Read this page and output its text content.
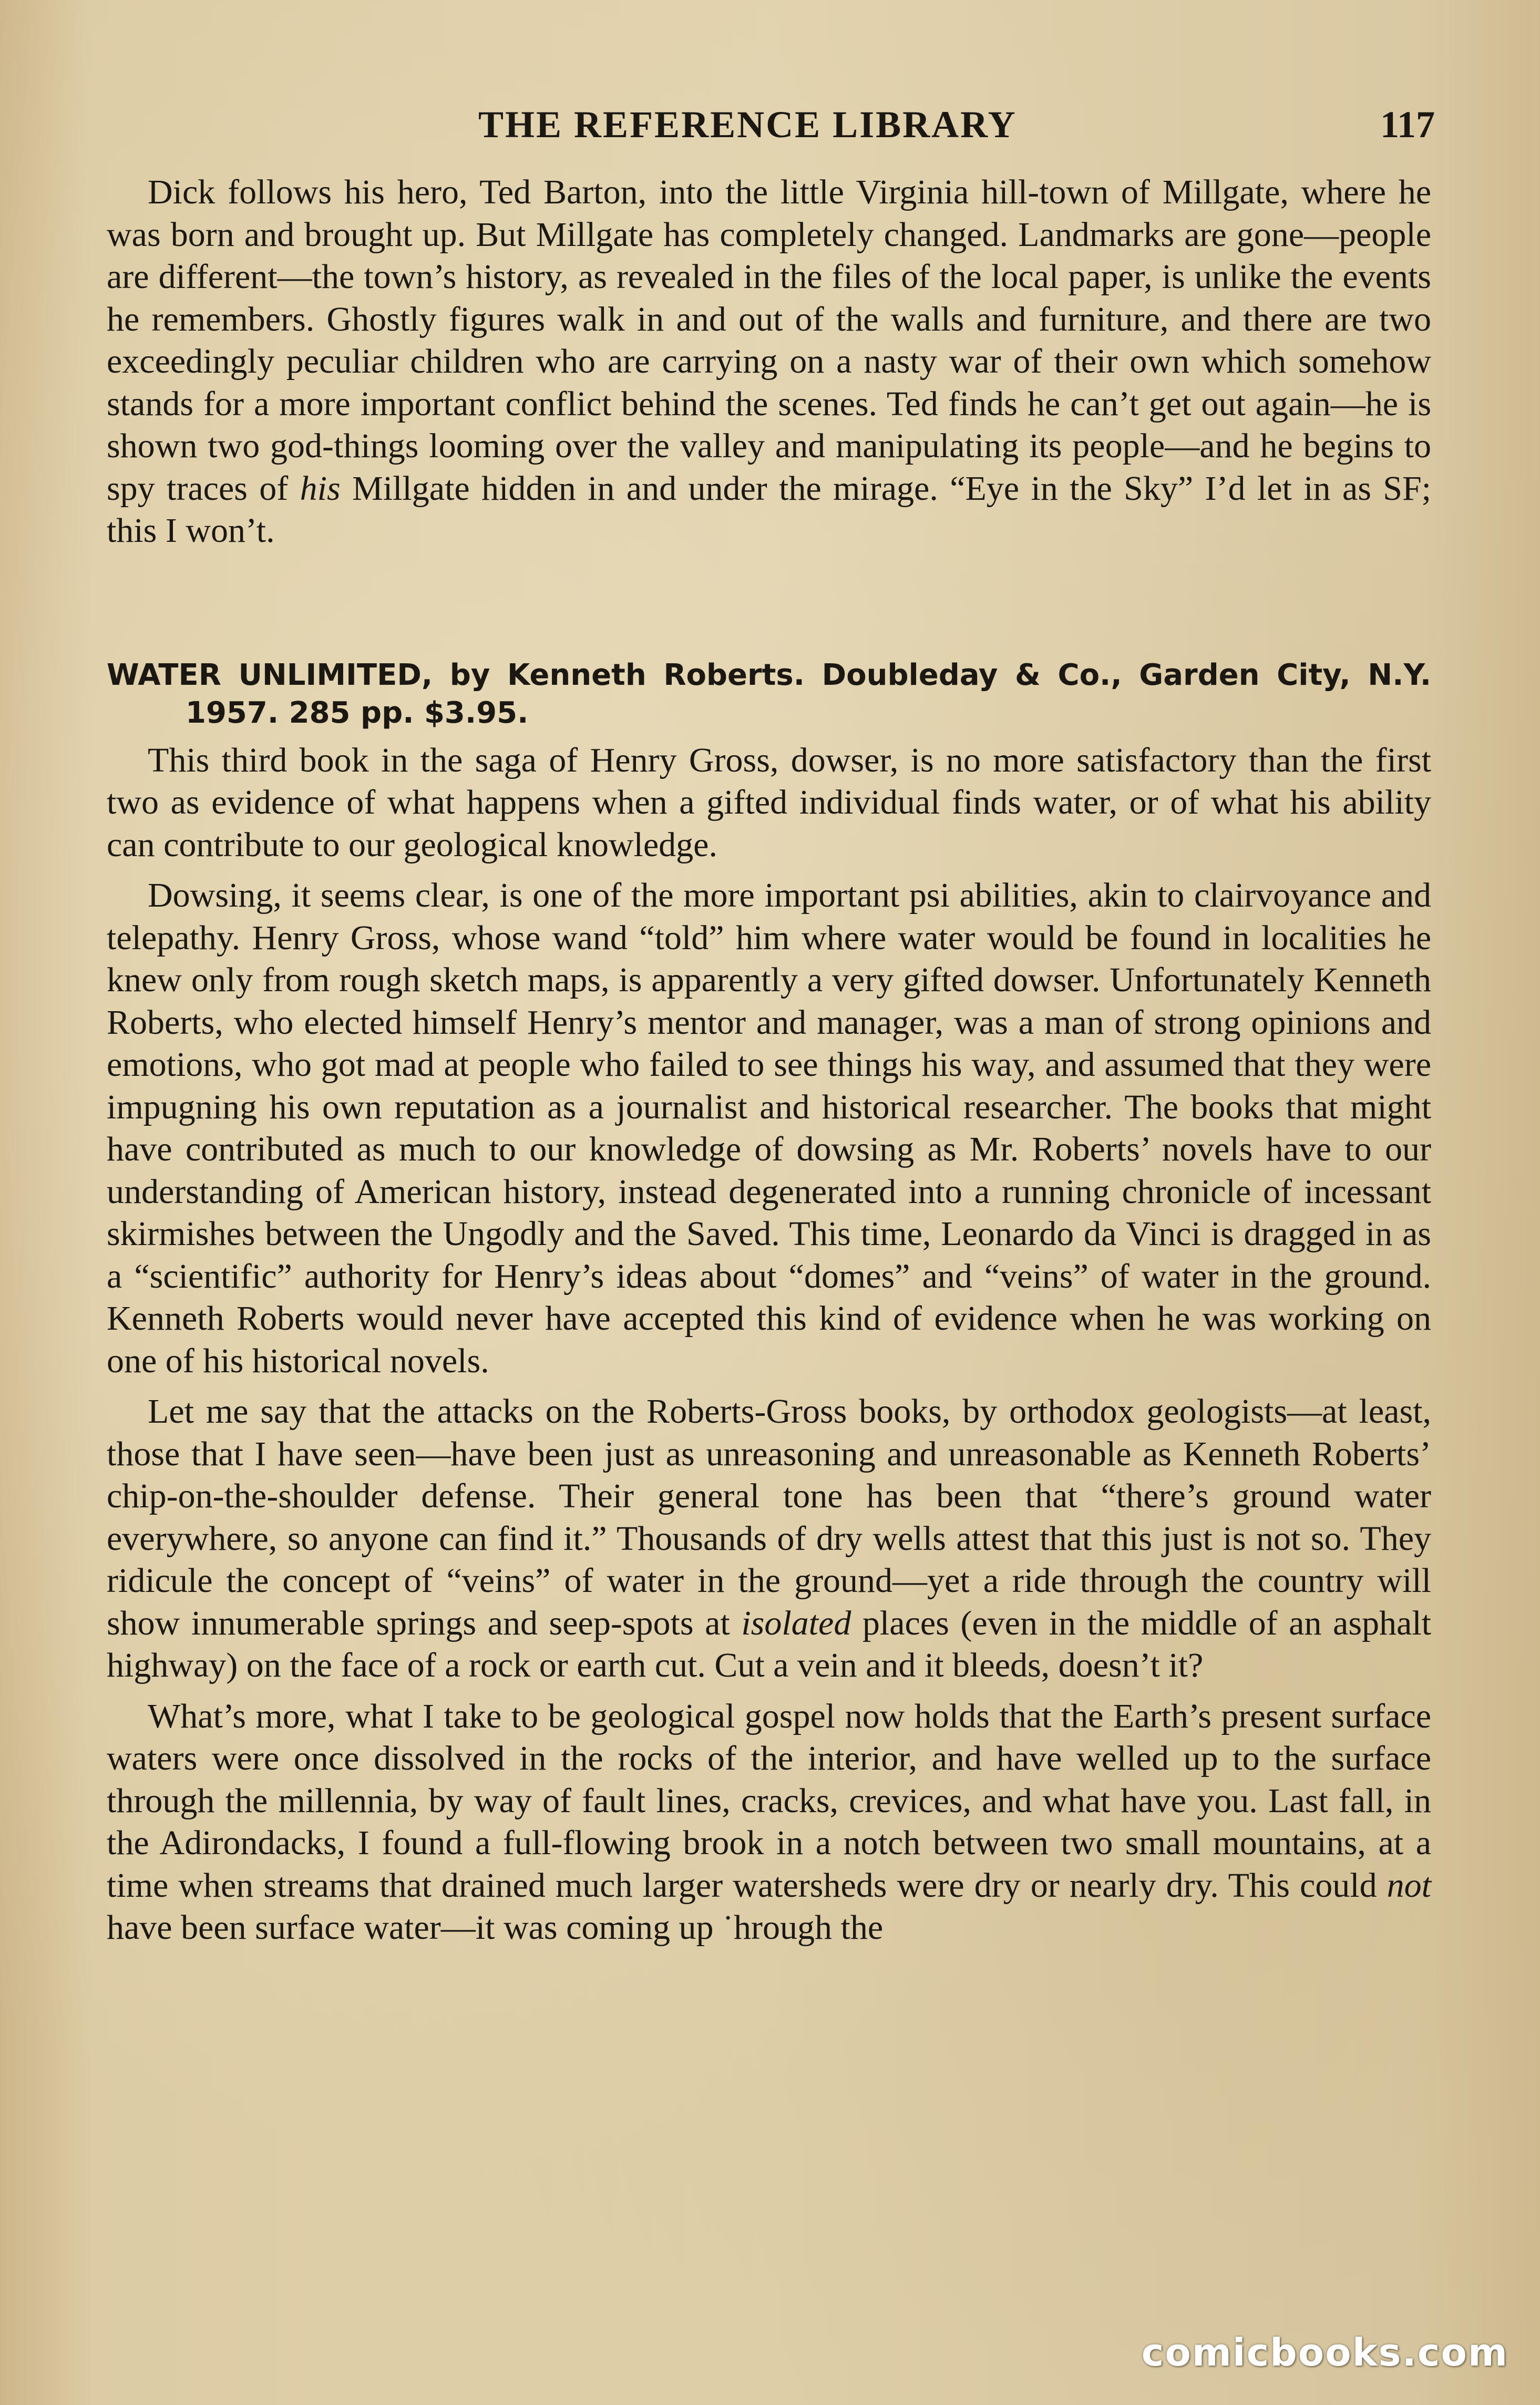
THE REFERENCE LIBRARY	117

Dick follows his hero, Ted Barton, into the little Virginia hill-town of Millgate, where he was born and brought up. But Millgate has completely changed. Landmarks are gone—people are different—the town’s history, as revealed in the files of the local paper, is unlike the events he remembers. Ghostly figures walk in and out of the walls and furniture, and there are two exceedingly peculiar children who are carrying on a nasty war of their own which somehow stands for a more important conflict behind the scenes. Ted finds he can’t get out again—he is shown two god-things looming over the valley and manipulating its people—and he begins to spy traces of his Millgate hidden in and under the mirage. “Eye in the Sky” I’d let in as SF; this I won’t.

WATER UNLIMITED, by Kenneth Roberts. Doubleday & Co., Garden City, N.Y. 1957. 285 pp. $3.95.

This third book in the saga of Henry Gross, dowser, is no more satisfactory than the first two as evidence of what happens when a gifted individual finds water, or of what his ability can contribute to our geological knowledge.

Dowsing, it seems clear, is one of the more important psi abilities, akin to clairvoyance and telepathy. Henry Gross, whose wand “told” him where water would be found in localities he knew only from rough sketch maps, is apparently a very gifted dowser. Unfortunately Kenneth Roberts, who elected himself Henry’s mentor and manager, was a man of strong opinions and emotions, who got mad at people who failed to see things his way, and assumed that they were impugning his own reputation as a journalist and historical researcher. The books that might have contributed as much to our knowledge of dowsing as Mr. Roberts’ novels have to our understanding of American history, instead degenerated into a running chronicle of incessant skirmishes between the Ungodly and the Saved. This time, Leonardo da Vinci is dragged in as a “scientific” authority for Henry’s ideas about “domes” and “veins” of water in the ground. Kenneth Roberts would never have accepted this kind of evidence when he was working on one of his historical novels.

Let me say that the attacks on the Roberts-Gross books, by orthodox geologists—at least, those that I have seen—have been just as unreasoning and unreasonable as Kenneth Roberts’ chip-on-the-shoulder defense. Their general tone has been that “there’s ground water everywhere, so anyone can find it.” Thousands of dry wells attest that this just is not so. They ridicule the concept of “veins” of water in the ground—yet a ride through the country will show innumerable springs and seep-spots at isolated places (even in the middle of an asphalt highway) on the face of a rock or earth cut. Cut a vein and it bleeds, doesn’t it?

What’s more, what I take to be geological gospel now holds that the Earth’s present surface waters were once dissolved in the rocks of the interior, and have welled up to the surface through the millennia, by way of fault lines, cracks, crevices, and what have you. Last fall, in the Adirondacks, I found a full-flowing brook in a notch between two small mountains, at a time when streams that drained much larger watersheds were dry or nearly dry. This could not have been surface water—it was coming up ˙hrough the

comicbooks.com
